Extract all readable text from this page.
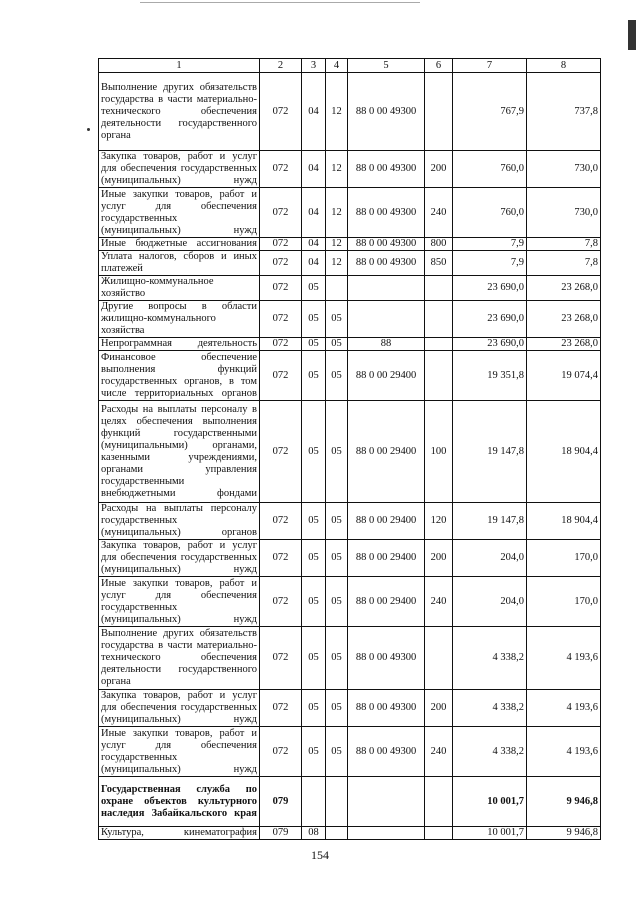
1	2	3	4	5	6	7	8
Выполнение других обязательств государства в части материально-технического обеспечения деятельности государственного органа	072	04	12	88 0 00 49300		767,9	737,8
Закупка товаров, работ и услуг для обеспечения государственных (муниципальных) нужд	072	04	12	88 0 00 49300	200	760,0	730,0
Иные закупки товаров, работ и услуг для обеспечения государственных (муниципальных) нужд	072	04	12	88 0 00 49300	240	760,0	730,0
Иные бюджетные ассигнования	072	04	12	88 0 00 49300	800	7,9	7,8
Уплата налогов, сборов и иных платежей	072	04	12	88 0 00 49300	850	7,9	7,8
Жилищно-коммунальное хозяйство	072	05				23 690,0	23 268,0
Другие вопросы в области жилищно-коммунального хозяйства	072	05	05			23 690,0	23 268,0
Непрограммная деятельность	072	05	05	88		23 690,0	23 268,0
Финансовое обеспечение выполнения функций государственных органов, в том числе территориальных органов	072	05	05	88 0 00 29400		19 351,8	19 074,4
Расходы на выплаты персоналу в целях обеспечения выполнения функций государственными (муниципальными) органами, казенными учреждениями, органами управления государственными внебюджетными фондами	072	05	05	88 0 00 29400	100	19 147,8	18 904,4
Расходы на выплаты персоналу государственных (муниципальных) органов	072	05	05	88 0 00 29400	120	19 147,8	18 904,4
Закупка товаров, работ и услуг для обеспечения государственных (муниципальных) нужд	072	05	05	88 0 00 29400	200	204,0	170,0
Иные закупки товаров, работ и услуг для обеспечения государственных (муниципальных) нужд	072	05	05	88 0 00 29400	240	204,0	170,0
Выполнение других обязательств государства в части материально-технического обеспечения деятельности государственного органа	072	05	05	88 0 00 49300		4 338,2	4 193,6
Закупка товаров, работ и услуг для обеспечения государственных (муниципальных) нужд	072	05	05	88 0 00 49300	200	4 338,2	4 193,6
Иные закупки товаров, работ и услуг для обеспечения государственных (муниципальных) нужд	072	05	05	88 0 00 49300	240	4 338,2	4 193,6
Государственная служба по охране объектов культурного наследия Забайкальского края	079					10 001,7	9 946,8
Культура, кинематография	079	08				10 001,7	9 946,8
154
